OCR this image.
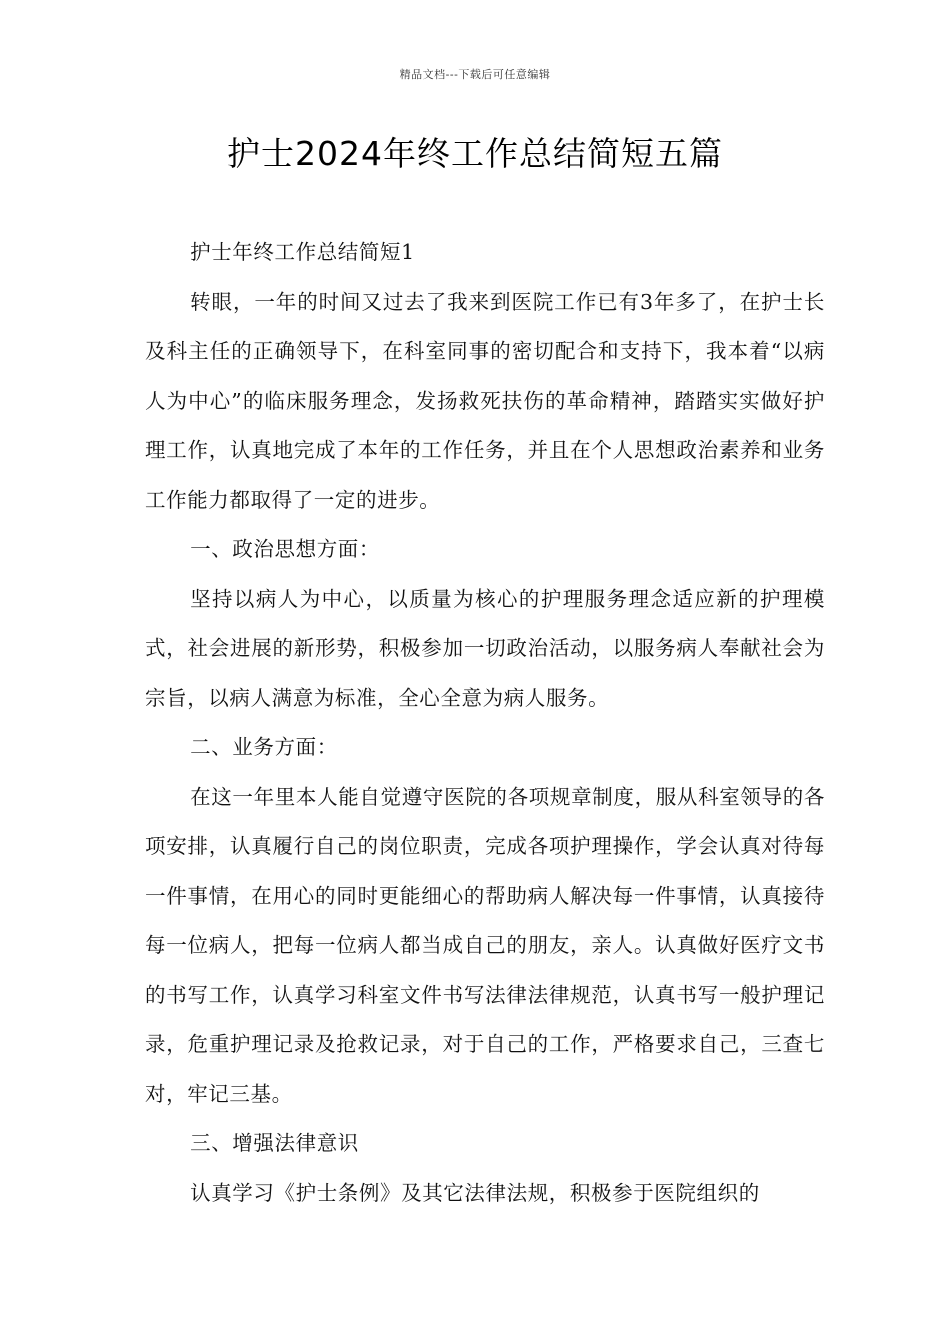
精品文档---下载后可任意编辑
护士2024年终工作总结简短五篇

护士年终工作总结简短1

转眼，一年的时间又过去了我来到医院工作已有3年多了，在护士长及科主任的正确领导下，在科室同事的密切配合和支持下，我本着“以病人为中心”的临床服务理念，发扬救死扶伤的革命精神，踏踏实实做好护理工作，认真地完成了本年的工作任务，并且在个人思想政治素养和业务工作能力都取得了一定的进步。

一、政治思想方面：

坚持以病人为中心，以质量为核心的护理服务理念适应新的护理模式，社会进展的新形势，积极参加一切政治活动，以服务病人奉献社会为宗旨，以病人满意为标准，全心全意为病人服务。

二、业务方面：

在这一年里本人能自觉遵守医院的各项规章制度，服从科室领导的各项安排，认真履行自己的岗位职责，完成各项护理操作，学会认真对待每一件事情，在用心的同时更能细心的帮助病人解决每一件事情，认真接待每一位病人，把每一位病人都当成自己的朋友，亲人。认真做好医疗文书的书写工作，认真学习科室文件书写法律法律规范，认真书写一般护理记录，危重护理记录及抢救记录，对于自己的工作，严格要求自己，三查七对，牢记三基。

三、增强法律意识

认真学习《护士条例》及其它法律法规，积极参于医院组织的
